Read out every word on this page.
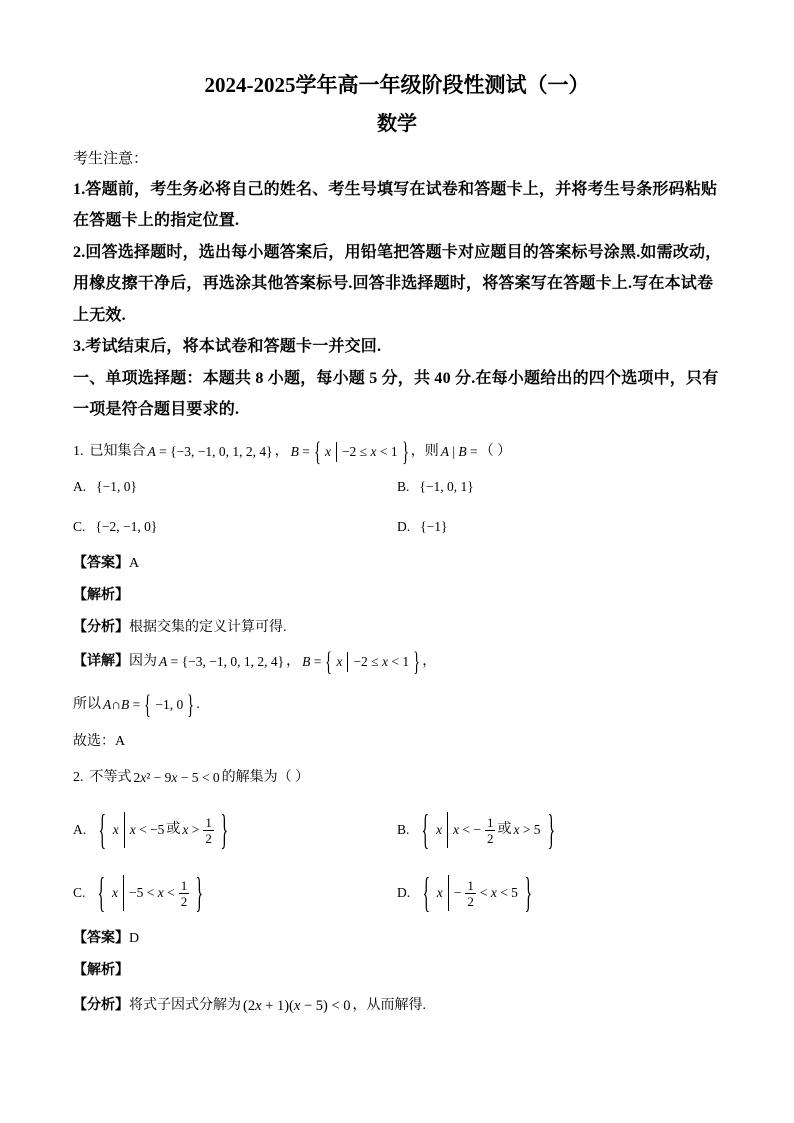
2024-2025学年高一年级阶段性测试（一）
数学
考生注意：
1.答题前，考生务必将自己的姓名、考生号填写在试卷和答题卡上，并将考生号条形码粘贴
在答题卡上的指定位置.
2.回答选择题时，选出每小题答案后，用铅笔把答题卡对应题目的答案标号涂黑.如需改动，
用橡皮擦干净后，再选涂其他答案标号.回答非选择题时，将答案写在答题卡上.写在本试卷
上无效.
3.考试结束后，将本试卷和答题卡一并交回.
一、单项选择题：本题共 8 小题，每小题 5 分，共 40 分.在每小题给出的四个选项中，只有
一项是符合题目要求的.
1. 已知集合 A = {−3, −1, 0, 1, 2, 4} ， B = { x −2 ≤ x < 1 } ，则 A | B = （ ）
A. {−1, 0}	B. {−1, 0, 1}
C. {−2, −1, 0}	D. {−1}
【答案】 A
【解析】
【分析】 根据交集的定义计算可得.
【详解】 因为 A = {−3, −1, 0, 1, 2, 4} ， B = { x −2 ≤ x < 1 } ，
所以 A∩B = { −1, 0 } .
故选：A
2. 不等式 2x² − 9x − 5 < 0 的解集为（ ）
A. { x x < −5 或 $x > \frac{1}{2}$ }	B. { x x < − $\frac{1}{2}$ 或 x > 5 }
C. { $x -5 < x < \frac{1}{2}$ }	D. { $x - \frac{1}{2} < x < 5$ }
【答案】 D
【解析】
【分析】 将式子因式分解为 (2x + 1)(x − 5) < 0 ，从而解得.
